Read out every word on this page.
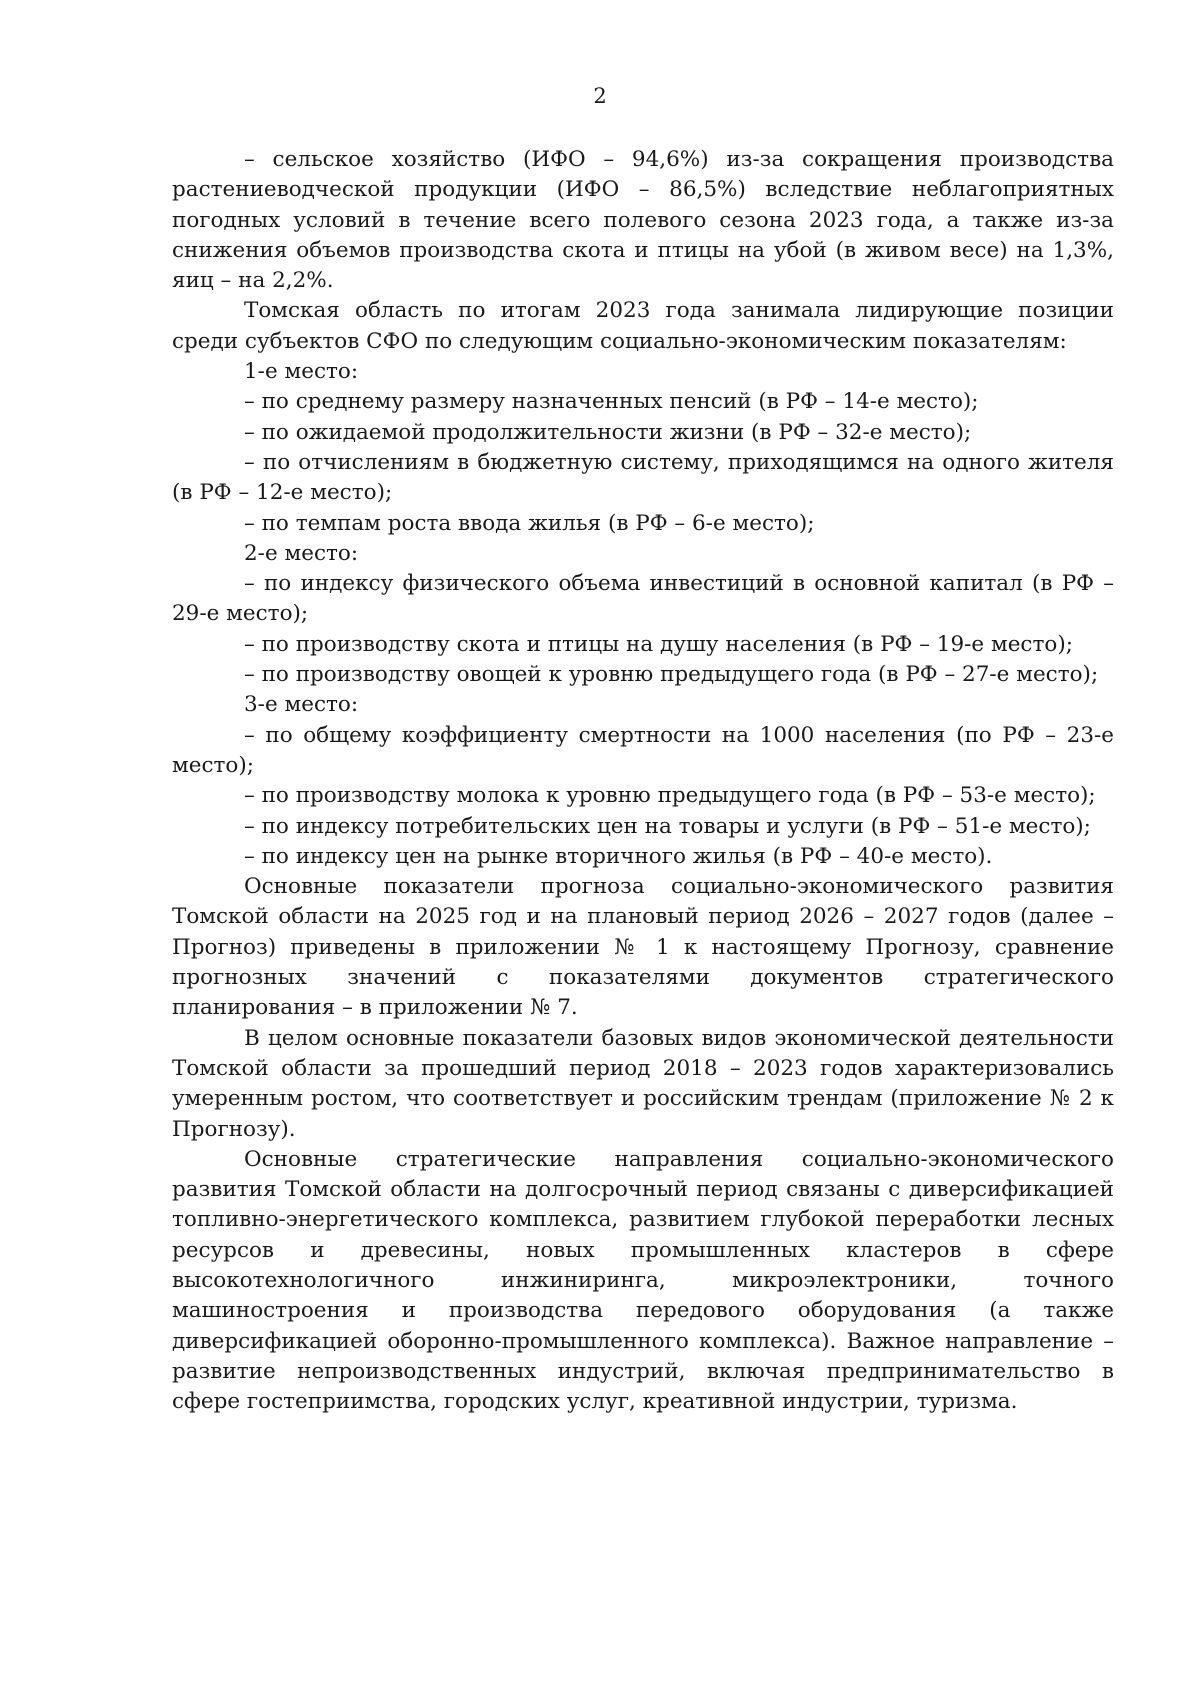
2

– сельское хозяйство (ИФО – 94,6%) из-за сокращения производства растениеводческой продукции (ИФО – 86,5%) вследствие неблагоприятных погодных условий в течение всего полевого сезона 2023 года, а также из-за снижения объемов производства скота и птицы на убой (в живом весе) на 1,3%, яиц – на 2,2%.

Томская область по итогам 2023 года занимала лидирующие позиции среди субъектов СФО по следующим социально-экономическим показателям:

1-е место:

– по среднему размеру назначенных пенсий (в РФ – 14-е место);

– по ожидаемой продолжительности жизни (в РФ – 32-е место);

– по отчислениям в бюджетную систему, приходящимся на одного жителя (в РФ – 12-е место);

– по темпам роста ввода жилья (в РФ – 6-е место);

2-е место:

– по индексу физического объема инвестиций в основной капитал (в РФ – 29-е место);

– по производству скота и птицы на душу населения (в РФ – 19-е место);

– по производству овощей к уровню предыдущего года (в РФ – 27-е место);

3-е место:

– по общему коэффициенту смертности на 1000 населения (по РФ – 23-е место);

– по производству молока к уровню предыдущего года (в РФ – 53-е место);

– по индексу потребительских цен на товары и услуги (в РФ – 51-е место);

– по индексу цен на рынке вторичного жилья (в РФ – 40-е место).

Основные показатели прогноза социально-экономического развития Томской области на 2025 год и на плановый период 2026 – 2027 годов (далее – Прогноз) приведены в приложении № 1 к настоящему Прогнозу, сравнение прогнозных значений с показателями документов стратегического планирования – в приложении № 7.

В целом основные показатели базовых видов экономической деятельности Томской области за прошедший период 2018 – 2023 годов характеризовались умеренным ростом, что соответствует и российским трендам (приложение № 2 к Прогнозу).

Основные стратегические направления социально-экономического развития Томской области на долгосрочный период связаны с диверсификацией топливно-энергетического комплекса, развитием глубокой переработки лесных ресурсов и древесины, новых промышленных кластеров в сфере высокотехнологичного инжиниринга, микроэлектроники, точного машиностроения и производства передового оборудования (а также диверсификацией оборонно-промышленного комплекса). Важное направление – развитие непроизводственных индустрий, включая предпринимательство в сфере гостеприимства, городских услуг, креативной индустрии, туризма.
